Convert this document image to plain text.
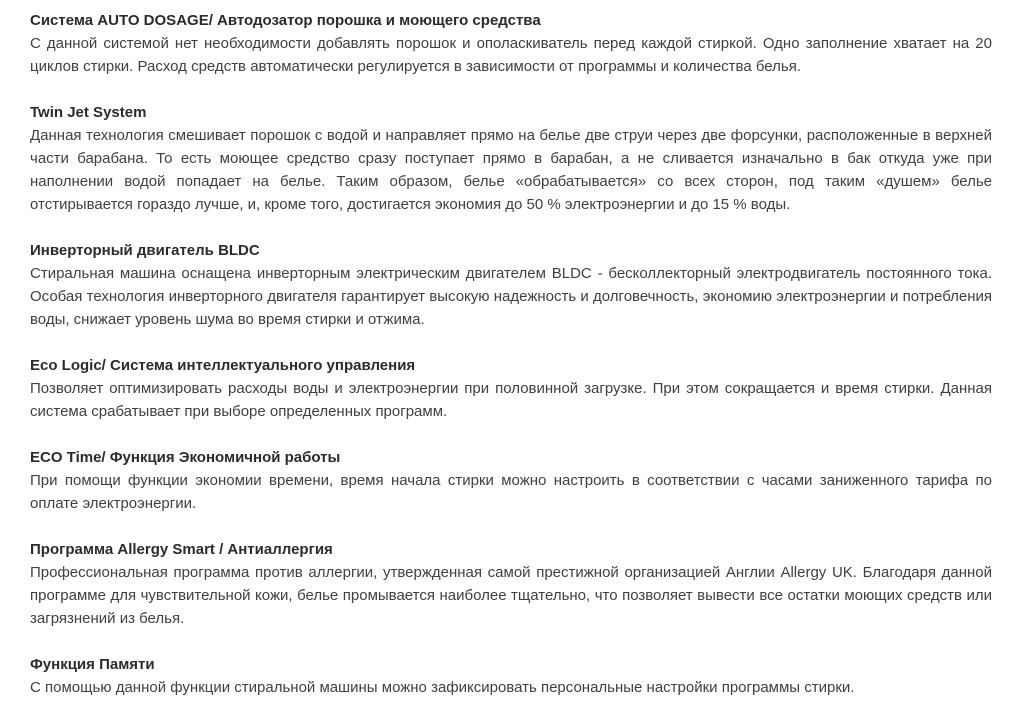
Система AUTO DOSAGE/ Автодозатор порошка и моющего средства

С данной системой нет необходимости добавлять порошок и ополаскиватель перед каждой стиркой. Одно заполнение хватает на 20 циклов стирки. Расход средств автоматически регулируется в зависимости от программы и количества белья.

Twin Jet System

Данная технология смешивает порошок с водой и направляет прямо на белье две струи через две форсунки, расположенные в верхней части барабана. То есть моющее средство сразу поступает прямо в барабан, а не сливается изначально в бак откуда уже при наполнении водой попадает на белье. Таким образом, белье «обрабатывается» со всех сторон, под таким «душем» белье отстирывается гораздо лучше, и, кроме того, достигается экономия до 50 % электроэнергии и до 15 % воды.

Инверторный двигатель BLDC

Стиральная машина оснащена инверторным электрическим двигателем BLDC - бесколлекторный электродвигатель постоянного тока. Особая технология инверторного двигателя гарантирует высокую надежность и долговечность, экономию электроэнергии и потребления воды, снижает уровень шума во время стирки и отжима.

Eco Logic/ Система интеллектуального управления

Позволяет оптимизировать расходы воды и электроэнергии при половинной загрузке. При этом сокращается и время стирки. Данная система срабатывает при выборе определенных программ.

ECO Time/ Функция Экономичной работы

При помощи функции экономии времени, время начала стирки можно настроить в соответствии с часами заниженного тарифа по оплате электроэнергии.

Программа Allergy Smart / Антиаллергия

Профессиональная программа против аллергии, утвержденная самой престижной организацией Англии Allergy UK. Благодаря данной программе для чувствительной кожи, белье промывается наиболее тщательно, что позволяет вывести все остатки моющих средств или загрязнений из белья.

Функция Памяти

С помощью данной функции стиральной машины можно зафиксировать персональные настройки программы стирки.
